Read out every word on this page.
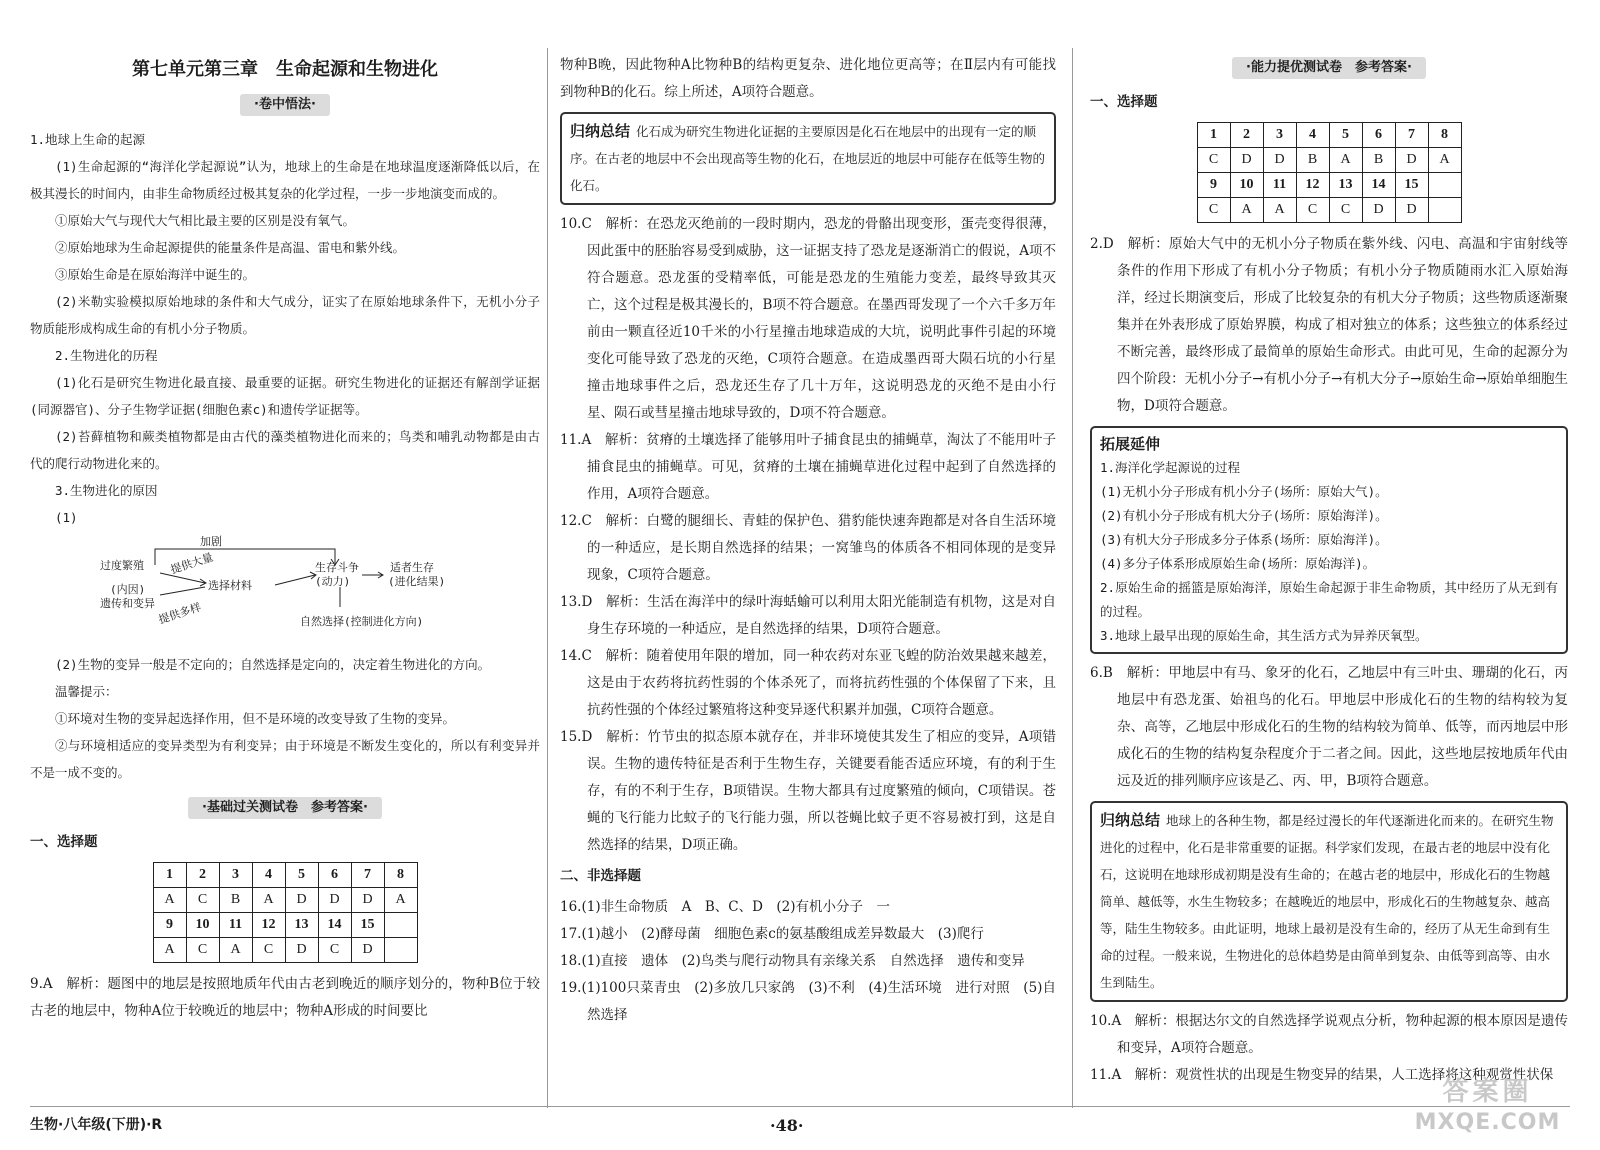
第七单元第三章　生命起源和生物进化
·卷中悟法·

1.地球上生命的起源

(1)生命起源的“海洋化学起源说”认为，地球上的生命是在地球温度逐渐降低以后，在极其漫长的时间内，由非生命物质经过极其复杂的化学过程，一步一步地演变而成的。

①原始大气与现代大气相比最主要的区别是没有氧气。

②原始地球为生命起源提供的能量条件是高温、雷电和紫外线。

③原始生命是在原始海洋中诞生的。

(2)米勒实验模拟原始地球的条件和大气成分，证实了在原始地球条件下，无机小分子物质能形成构成生命的有机小分子物质。

2.生物进化的历程

(1)化石是研究生物进化最直接、最重要的证据。研究生物进化的证据还有解剖学证据(同源器官)、分子生物学证据(细胞色素c)和遗传学证据等。

(2)苔藓植物和蕨类植物都是由古代的藻类植物进化而来的；鸟类和哺乳动物都是由古代的爬行动物进化来的。

3.生物进化的原因

(1)

加剧
过度繁殖
(内因)
遗传和变异
提供大量
选择材料
提供多样
生存斗争
(动力)
适者生存
(进化结果)
自然选择(控制进化方向)

(2)生物的变异一般是不定向的；自然选择是定向的，决定着生物进化的方向。

温馨提示：

①环境对生物的变异起选择作用，但不是环境的改变导致了生物的变异。

②与环境相适应的变异类型为有利变异；由于环境是不断发生变化的，所以有利变异并不是一成不变的。

·基础过关测试卷　参考答案·
一、选择题
1	2	3	4	5	6	7	8
A	C	B	A	D	D	D	A
9	10	11	12	13	14	15	
A	C	A	C	D	C	D	

9.A　解析：题图中的地层是按照地质年代由古老到晚近的顺序划分的，物种B位于较古老的地层中，物种A位于较晚近的地层中；物种A形成的时间要比

物种B晚，因此物种A比物种B的结构更复杂、进化地位更高等；在Ⅱ层内有可能找到物种B的化石。综上所述，A项符合题意。

归纳总结 化石成为研究生物进化证据的主要原因是化石在地层中的出现有一定的顺序。在古老的地层中不会出现高等生物的化石，在地层近的地层中可能存在低等生物的化石。

10.C　解析：在恐龙灭绝前的一段时期内，恐龙的骨骼出现变形，蛋壳变得很薄，因此蛋中的胚胎容易受到威胁，这一证据支持了恐龙是逐渐消亡的假说，A项不符合题意。恐龙蛋的受精率低，可能是恐龙的生殖能力变差，最终导致其灭亡，这个过程是极其漫长的，B项不符合题意。在墨西哥发现了一个六千多万年前由一颗直径近10千米的小行星撞击地球造成的大坑，说明此事件引起的环境变化可能导致了恐龙的灭绝，C项符合题意。在造成墨西哥大陨石坑的小行星撞击地球事件之后，恐龙还生存了几十万年，这说明恐龙的灭绝不是由小行星、陨石或彗星撞击地球导致的，D项不符合题意。

11.A　解析：贫瘠的土壤选择了能够用叶子捕食昆虫的捕蝇草，淘汰了不能用叶子捕食昆虫的捕蝇草。可见，贫瘠的土壤在捕蝇草进化过程中起到了自然选择的作用，A项符合题意。

12.C　解析：白鹭的腿细长、青蛙的保护色、猎豹能快速奔跑都是对各自生活环境的一种适应，是长期自然选择的结果；一窝雏鸟的体质各不相同体现的是变异现象，C项符合题意。

13.D　解析：生活在海洋中的绿叶海蛞蝓可以利用太阳光能制造有机物，这是对自身生存环境的一种适应，是自然选择的结果，D项符合题意。

14.C　解析：随着使用年限的增加，同一种农药对东亚飞蝗的防治效果越来越差，这是由于农药将抗药性弱的个体杀死了，而将抗药性强的个体保留了下来，且抗药性强的个体经过繁殖将这种变异逐代积累并加强，C项符合题意。

15.D　解析：竹节虫的拟态原本就存在，并非环境使其发生了相应的变异，A项错误。生物的遗传特征是否利于生物生存，关键要看能否适应环境，有的利于生存，有的不利于生存，B项错误。生物大都具有过度繁殖的倾向，C项错误。苍蝇的飞行能力比蚊子的飞行能力强，所以苍蝇比蚊子更不容易被打到，这是自然选择的结果，D项正确。

二、非选择题

16.(1)非生命物质　A　B、C、D　(2)有机小分子　一

17.(1)越小　(2)酵母菌　细胞色素c的氨基酸组成差异数最大　(3)爬行

18.(1)直接　遗体　(2)鸟类与爬行动物具有亲缘关系　自然选择　遗传和变异

19.(1)100只菜青虫　(2)多放几只家鸽　(3)不利　(4)生活环境　进行对照　(5)自然选择

·能力提优测试卷　参考答案·
一、选择题
1	2	3	4	5	6	7	8
C	D	D	B	A	B	D	A
9	10	11	12	13	14	15	
C	A	A	C	C	D	D	

2.D　解析：原始大气中的无机小分子物质在紫外线、闪电、高温和宇宙射线等条件的作用下形成了有机小分子物质；有机小分子物质随雨水汇入原始海洋，经过长期演变后，形成了比较复杂的有机大分子物质；这些物质逐渐聚集并在外表形成了原始界膜，构成了相对独立的体系；这些独立的体系经过不断完善，最终形成了最简单的原始生命形式。由此可见，生命的起源分为四个阶段：无机小分子→有机小分子→有机大分子→原始生命→原始单细胞生物，D项符合题意。

拓展延伸

1.海洋化学起源说的过程

(1)无机小分子形成有机小分子(场所：原始大气)。

(2)有机小分子形成有机大分子(场所：原始海洋)。

(3)有机大分子形成多分子体系(场所：原始海洋)。

(4)多分子体系形成原始生命(场所：原始海洋)。

2.原始生命的摇篮是原始海洋，原始生命起源于非生命物质，其中经历了从无到有的过程。

3.地球上最早出现的原始生命，其生活方式为异养厌氧型。

6.B　解析：甲地层中有马、象牙的化石，乙地层中有三叶虫、珊瑚的化石，丙地层中有恐龙蛋、始祖鸟的化石。甲地层中形成化石的生物的结构较为复杂、高等，乙地层中形成化石的生物的结构较为简单、低等，而丙地层中形成化石的生物的结构复杂程度介于二者之间。因此，这些地层按地质年代由远及近的排列顺序应该是乙、丙、甲，B项符合题意。

归纳总结 地球上的各种生物，都是经过漫长的年代逐渐进化而来的。在研究生物进化的过程中，化石是非常重要的证据。科学家们发现，在最古老的地层中没有化石，这说明在地球形成初期是没有生命的；在越古老的地层中，形成化石的生物越简单、越低等，水生生物较多；在越晚近的地层中，形成化石的生物越复杂、越高等，陆生生物较多。由此证明，地球上最初是没有生命的，经历了从无生命到有生命的过程。一般来说，生物进化的总体趋势是由简单到复杂、由低等到高等、由水生到陆生。

10.A　解析：根据达尔文的自然选择学说观点分析，物种起源的根本原因是遗传和变异，A项符合题意。

11.A　解析：观赏性状的出现是生物变异的结果，人工选择将这种观赏性状保

生物·八年级(下册)·R	·48·
答案圈
MXQE.COM
